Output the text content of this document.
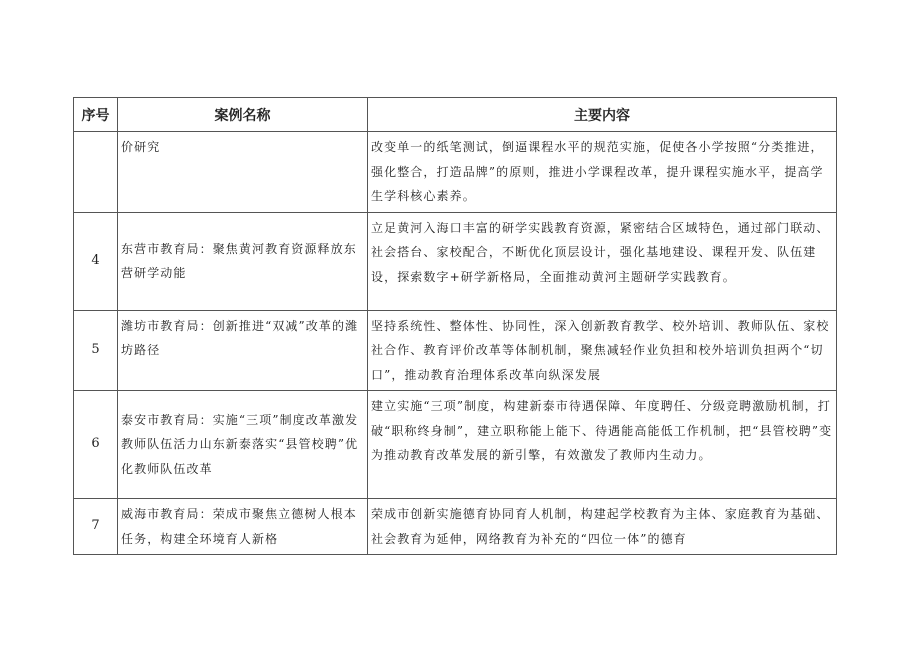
序号	案例名称	主要内容
	价研究	改变单一的纸笔测试，倒逼课程水平的规范实施，促使各小学按照“分类推进，强化整合，打造品牌”的原则，推进小学课程改革，提升课程实施水平，提高学生学科核心素养。
4	东营市教育局：聚焦黄河教育资源释放东营研学动能	立足黄河入海口丰富的研学实践教育资源，紧密结合区域特色，通过部门联动、社会搭台、家校配合，不断优化顶层设计，强化基地建设、课程开发、队伍建设，探索数字+研学新格局，全面推动黄河主题研学实践教育。
5	潍坊市教育局：创新推进“双减”改革的潍坊路径	坚持系统性、整体性、协同性，深入创新教育教学、校外培训、教师队伍、家校社合作、教育评价改革等体制机制，聚焦减轻作业负担和校外培训负担两个“切口”，推动教育治理体系改革向纵深发展
6	泰安市教育局：实施“三项”制度改革激发教师队伍活力山东新泰落实“县管校聘”优化教师队伍改革	建立实施“三项”制度，构建新泰市待遇保障、年度聘任、分级竞聘激励机制，打破“职称终身制”，建立职称能上能下、待遇能高能低工作机制，把“县管校聘”变为推动教育改革发展的新引擎，有效激发了教师内生动力。
7	威海市教育局：荣成市聚焦立德树人根本任务，构建全环境育人新格	荣成市创新实施德育协同育人机制，构建起学校教育为主体、家庭教育为基础、社会教育为延伸，网络教育为补充的“四位一体”的德育
